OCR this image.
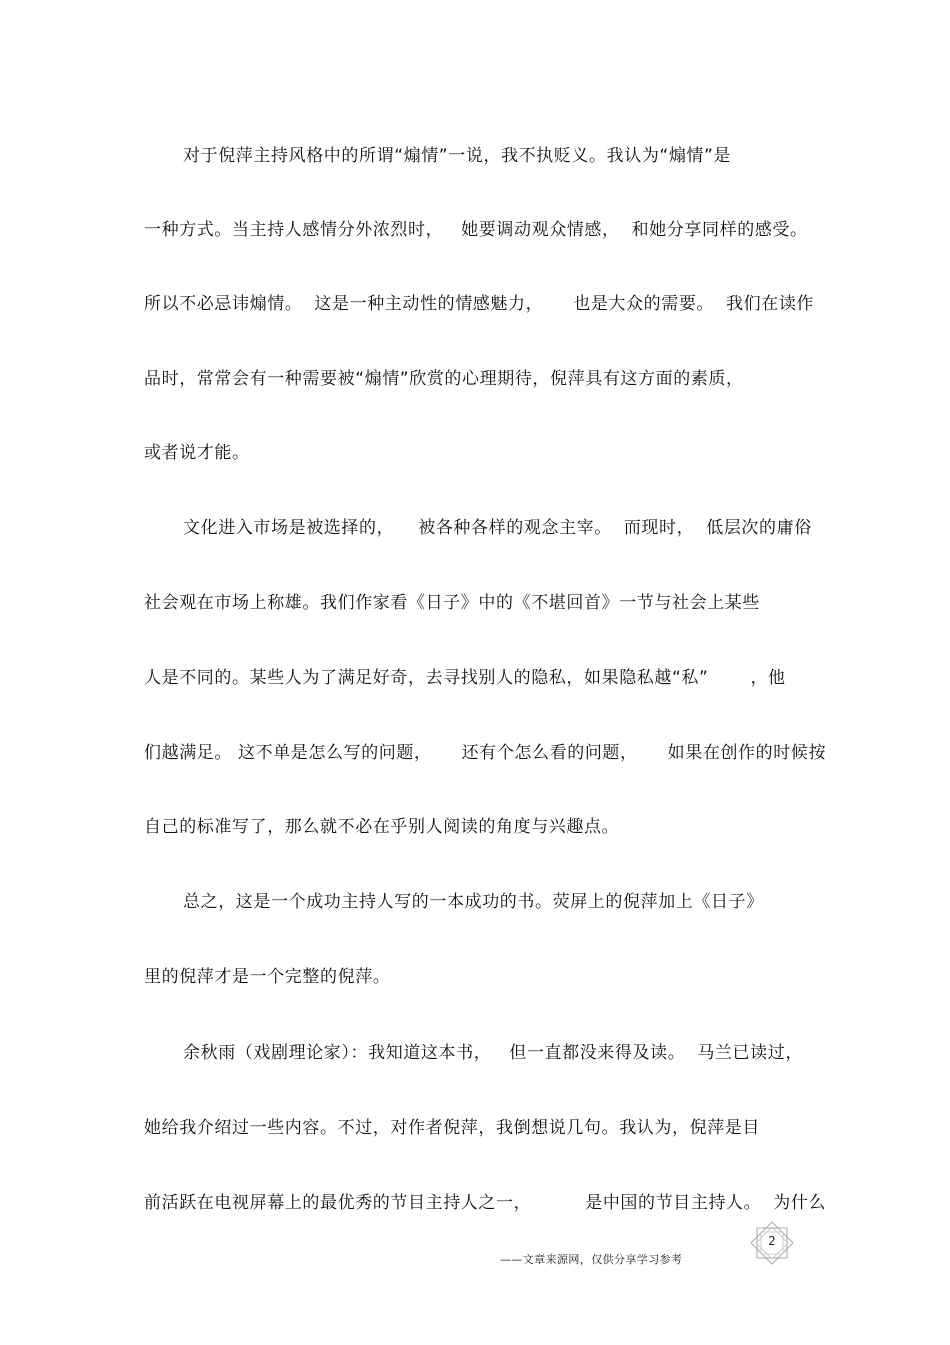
对于倪萍主持风格中的所谓“煽情”一说，我不执贬义。我认为“煽情”是
一种方式。当主持人感情分外浓烈时，   她要调动观众情感，  和她分享同样的感受。
所以不必忌讳煽情。  这是一种主动性的情感魅力，     也是大众的需要。  我们在读作
品时，常常会有一种需要被“煽情”欣赏的心理期待，倪萍具有这方面的素质，
或者说才能。
文化进入市场是被选择的，    被各种各样的观念主宰。  而现时，  低层次的庸俗
社会观在市场上称雄。我们作家看《日子》中的《不堪回首》一节与社会上某些
人是不同的。某些人为了满足好奇，去寻找别人的隐私，如果隐私越“私”       ，他
们越满足。 这不单是怎么写的问题，     还有个怎么看的问题，     如果在创作的时候按
自己的标准写了，那么就不必在乎别人阅读的角度与兴趣点。
总之，这是一个成功主持人写的一本成功的书。荧屏上的倪萍加上《日子》
里的倪萍才是一个完整的倪萍。
余秋雨（戏剧理论家）：我知道这本书，   但一直都没来得及读。  马兰已读过，
她给我介绍过一些内容。不过，对作者倪萍，我倒想说几句。我认为，倪萍是目
前活跃在电视屏幕上的最优秀的节目主持人之一，         是中国的节目主持人。  为什么
——文章来源网，仅供分享学习参考
2
